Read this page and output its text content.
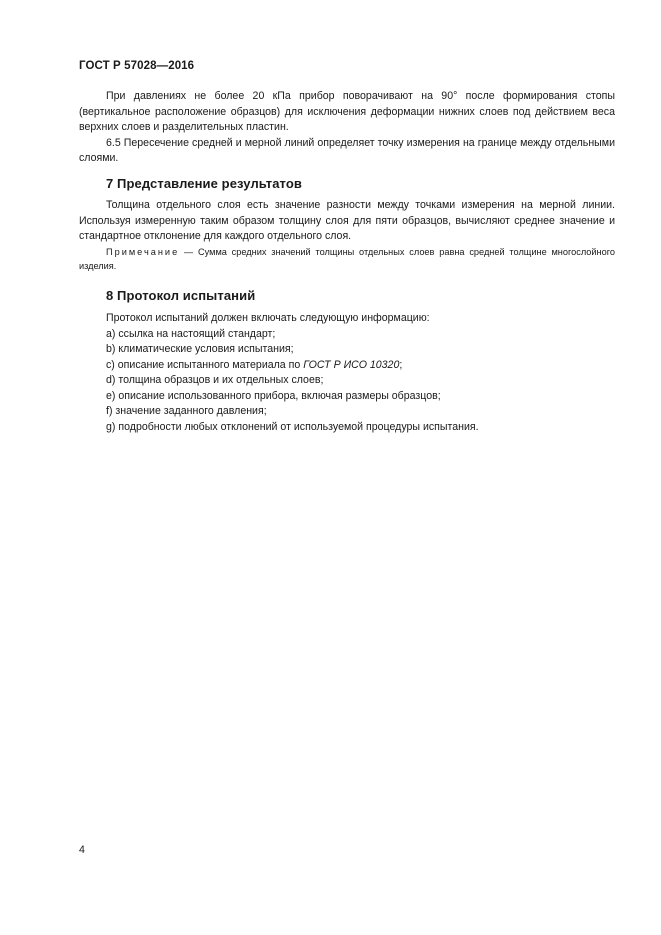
ГОСТ Р 57028—2016

При давлениях не более 20 кПа прибор поворачивают на 90° после формирования стопы (вертикальное расположение образцов) для исключения деформации нижних слоев под действием веса верхних слоев и разделительных пластин.

6.5 Пересечение средней и мерной линий определяет точку измерения на границе между отдельными слоями.

7 Представление результатов

Толщина отдельного слоя есть значение разности между точками измерения на мерной линии. Используя измеренную таким образом толщину слоя для пяти образцов, вычисляют среднее значение и стандартное отклонение для каждого отдельного слоя.

Примечание — Сумма средних значений толщины отдельных слоев равна средней толщине многослойного изделия.

8 Протокол испытаний
Протокол испытаний должен включать следующую информацию:
a) ссылка на настоящий стандарт;
b) климатические условия испытания;
c) описание испытанного материала по ГОСТ Р ИСО 10320;
d) толщина образцов и их отдельных слоев;
e) описание использованного прибора, включая размеры образцов;
f) значение заданного давления;
g) подробности любых отклонений от используемой процедуры испытания.
4
